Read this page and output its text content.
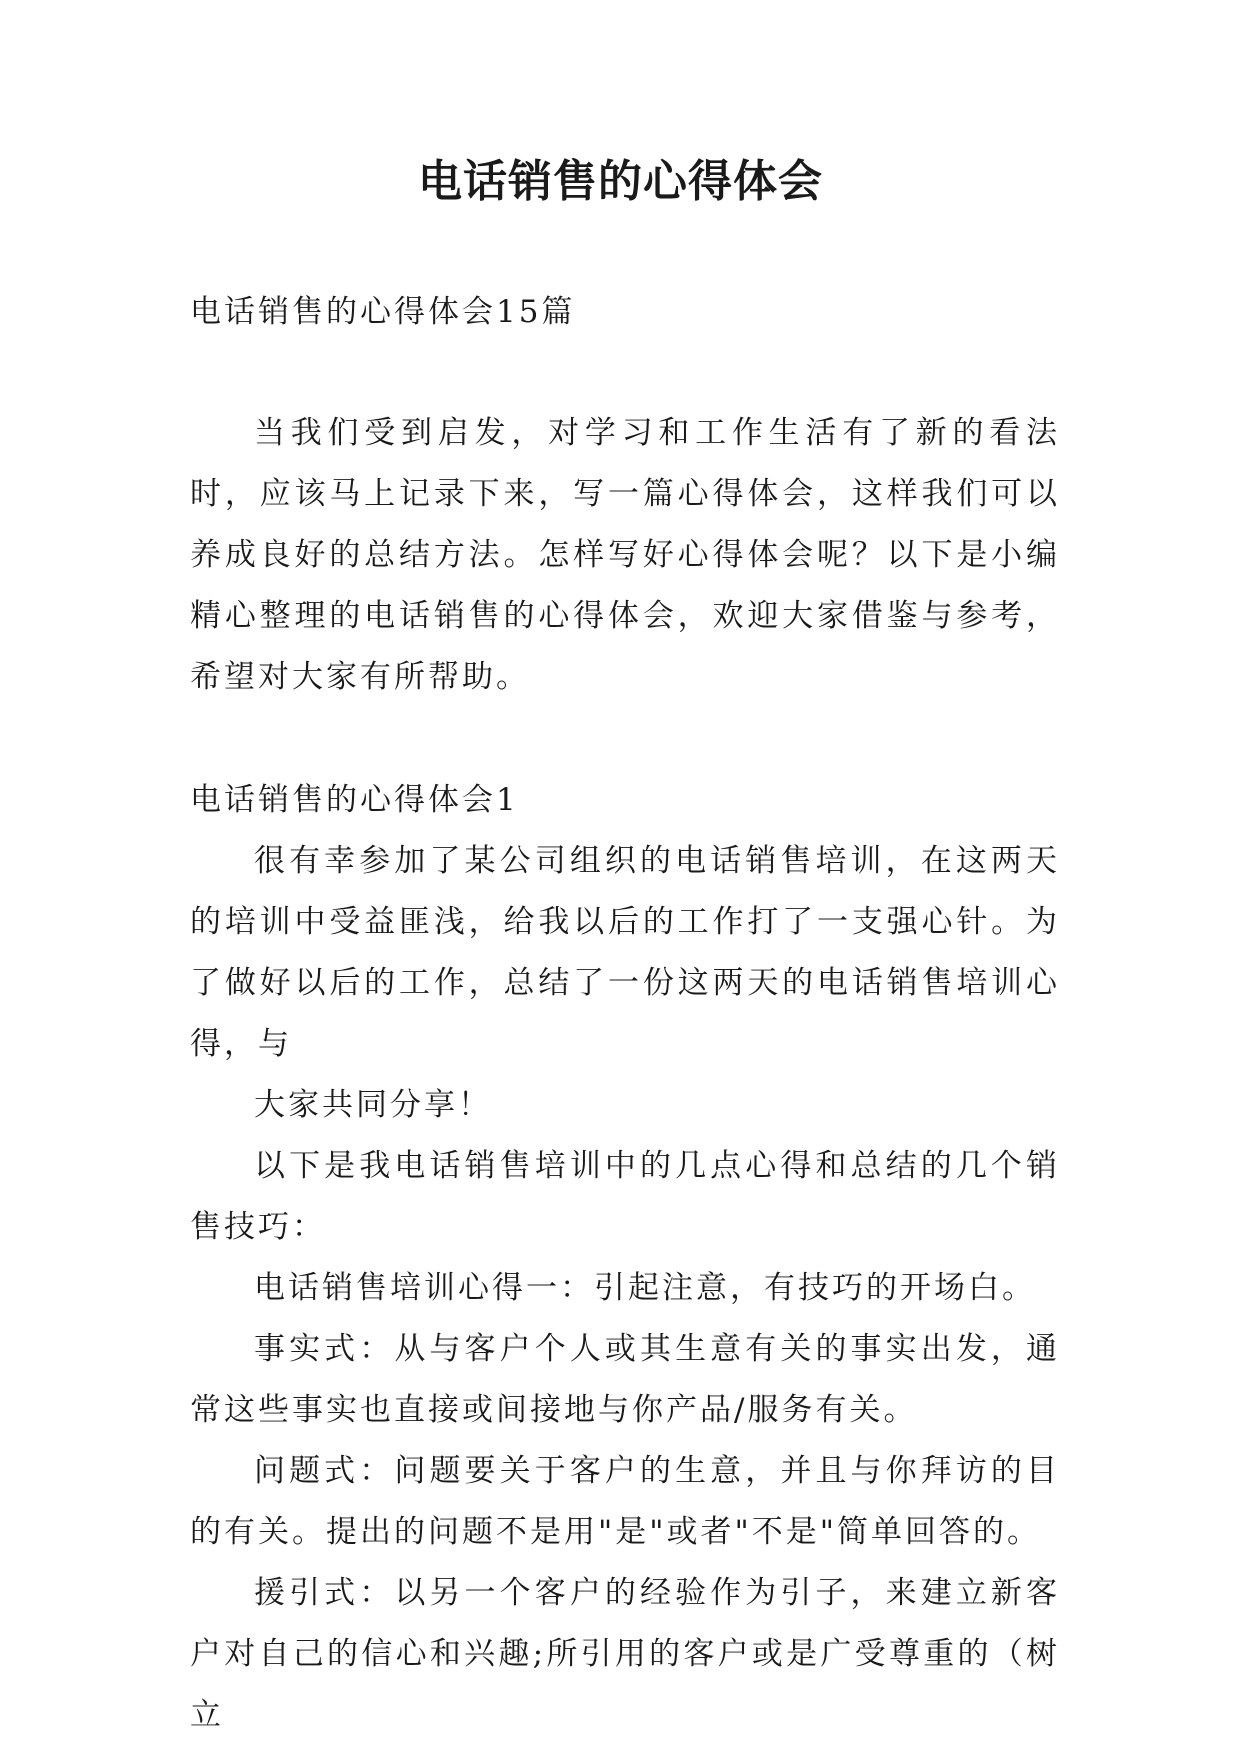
电话销售的心得体会

电话销售的心得体会15篇

当我们受到启发，对学习和工作生活有了新的看法时，应该马上记录下来，写一篇心得体会，这样我们可以养成良好的总结方法。怎样写好心得体会呢？以下是小编精心整理的电话销售的心得体会，欢迎大家借鉴与参考，希望对大家有所帮助。

电话销售的心得体会1

很有幸参加了某公司组织的电话销售培训，在这两天的培训中受益匪浅，给我以后的工作打了一支强心针。为了做好以后的工作，总结了一份这两天的电话销售培训心得，与

大家共同分享！

以下是我电话销售培训中的几点心得和总结的几个销售技巧：

电话销售培训心得一：引起注意，有技巧的开场白。

事实式：从与客户个人或其生意有关的事实出发，通常这些事实也直接或间接地与你产品/服务有关。

问题式：问题要关于客户的生意，并且与你拜访的目的有关。提出的问题不是用"是"或者"不是"简单回答的。

援引式：以另一个客户的经验作为引子，来建立新客户对自己的信心和兴趣;所引用的客户或是广受尊重的（树立
